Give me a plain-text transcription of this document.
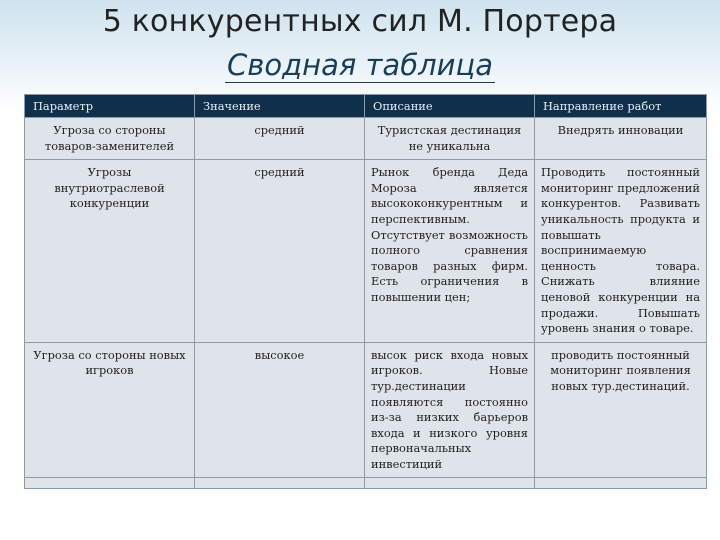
5 конкурентных сил М. Портера
Сводная таблица
Параметр	Значение	Описание	Направление работ
Угроза со стороны товаров-заменителей	средний	Туристская дестинация не уникальна	Внедрять инновации
Угрозы внутриотраслевой конкуренции	средний	Рынок бренда Деда Мороза является высококонкурентным и перспективным. Отсутствует возможность полного сравнения товаров разных фирм. Есть ограничения в повышении цен;	Проводить постоянный мониторинг предложений конкурентов. Развивать уникальность продукта и повышать воспринимаемую ценность товара. Снижать влияние ценовой конкуренции на продажи. Повышать уровень знания о товаре.
Угроза со стороны новых игроков	высокое	высок риск входа новых игроков. Новые тур.дестинации появляются постоянно из-за низких барьеров входа и низкого уровня первоначальных инвестиций	проводить постоянный мониторинг появления новых тур.дестинаций.
